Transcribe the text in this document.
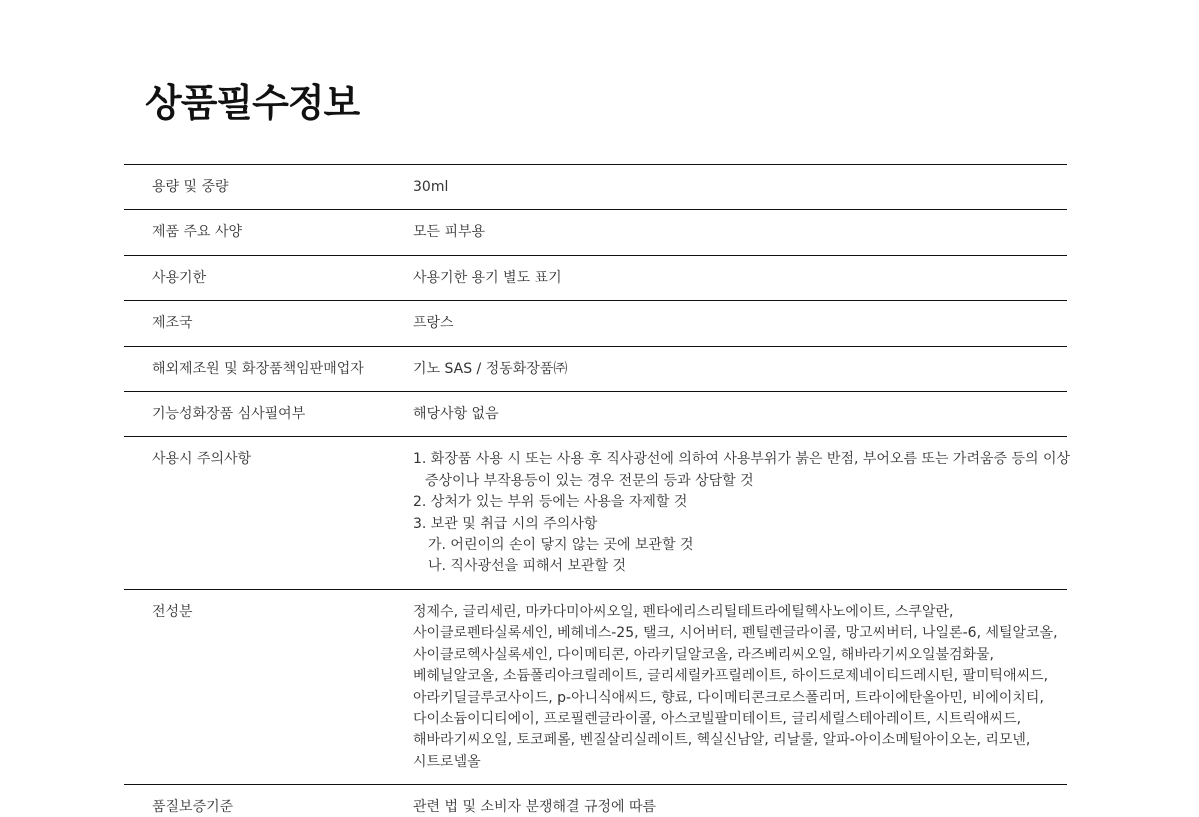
상품필수정보
용량 및 중량	30ml
제품 주요 사양	모든 피부용
사용기한	사용기한 용기 별도 표기
제조국	프랑스
해외제조원 및 화장품책임판매업자	기노 SAS / 정동화장품㈜
기능성화장품 심사필여부	해당사항 없음
사용시 주의사항	1. 화장품 사용 시 또는 사용 후 직사광선에 의하여 사용부위가 붉은 반점, 부어오름 또는 가려움증 등의 이상
증상이나 부작용등이 있는 경우 전문의 등과 상담할 것
2. 상처가 있는 부위 등에는 사용을 자제할 것
3. 보관 및 취급 시의 주의사항
가. 어린이의 손이 닿지 않는 곳에 보관할 것
나. 직사광선을 피해서 보관할 것
전성분	정제수, 글리세린, 마카다미아씨오일, 펜타에리스리틸테트라에틸헥사노에이트, 스쿠알란,
사이클로펜타실록세인, 베헤네스-25, 탤크, 시어버터, 펜틸렌글라이콜, 망고씨버터, 나일론-6, 세틸알코올,
사이클로헥사실록세인, 다이메티콘, 아라키딜알코올, 라즈베리씨오일, 해바라기씨오일불검화물,
베헤닐알코올, 소듐폴리아크릴레이트, 글리세릴카프릴레이트, 하이드로제네이티드레시틴, 팔미틱애씨드,
아라키딜글루코사이드, p-아니식애씨드, 향료, 다이메티콘크로스폴리머, 트라이에탄올아민, 비에이치티,
다이소듐이디티에이, 프로필렌글라이콜, 아스코빌팔미테이트, 글리세릴스테아레이트, 시트릭애씨드,
해바라기씨오일, 토코페롤, 벤질살리실레이트, 헥실신남알, 리날룰, 알파-아이소메틸아이오논, 리모넨,
시트로넬올
품질보증기준	관련 법 및 소비자 분쟁해결 규정에 따름
